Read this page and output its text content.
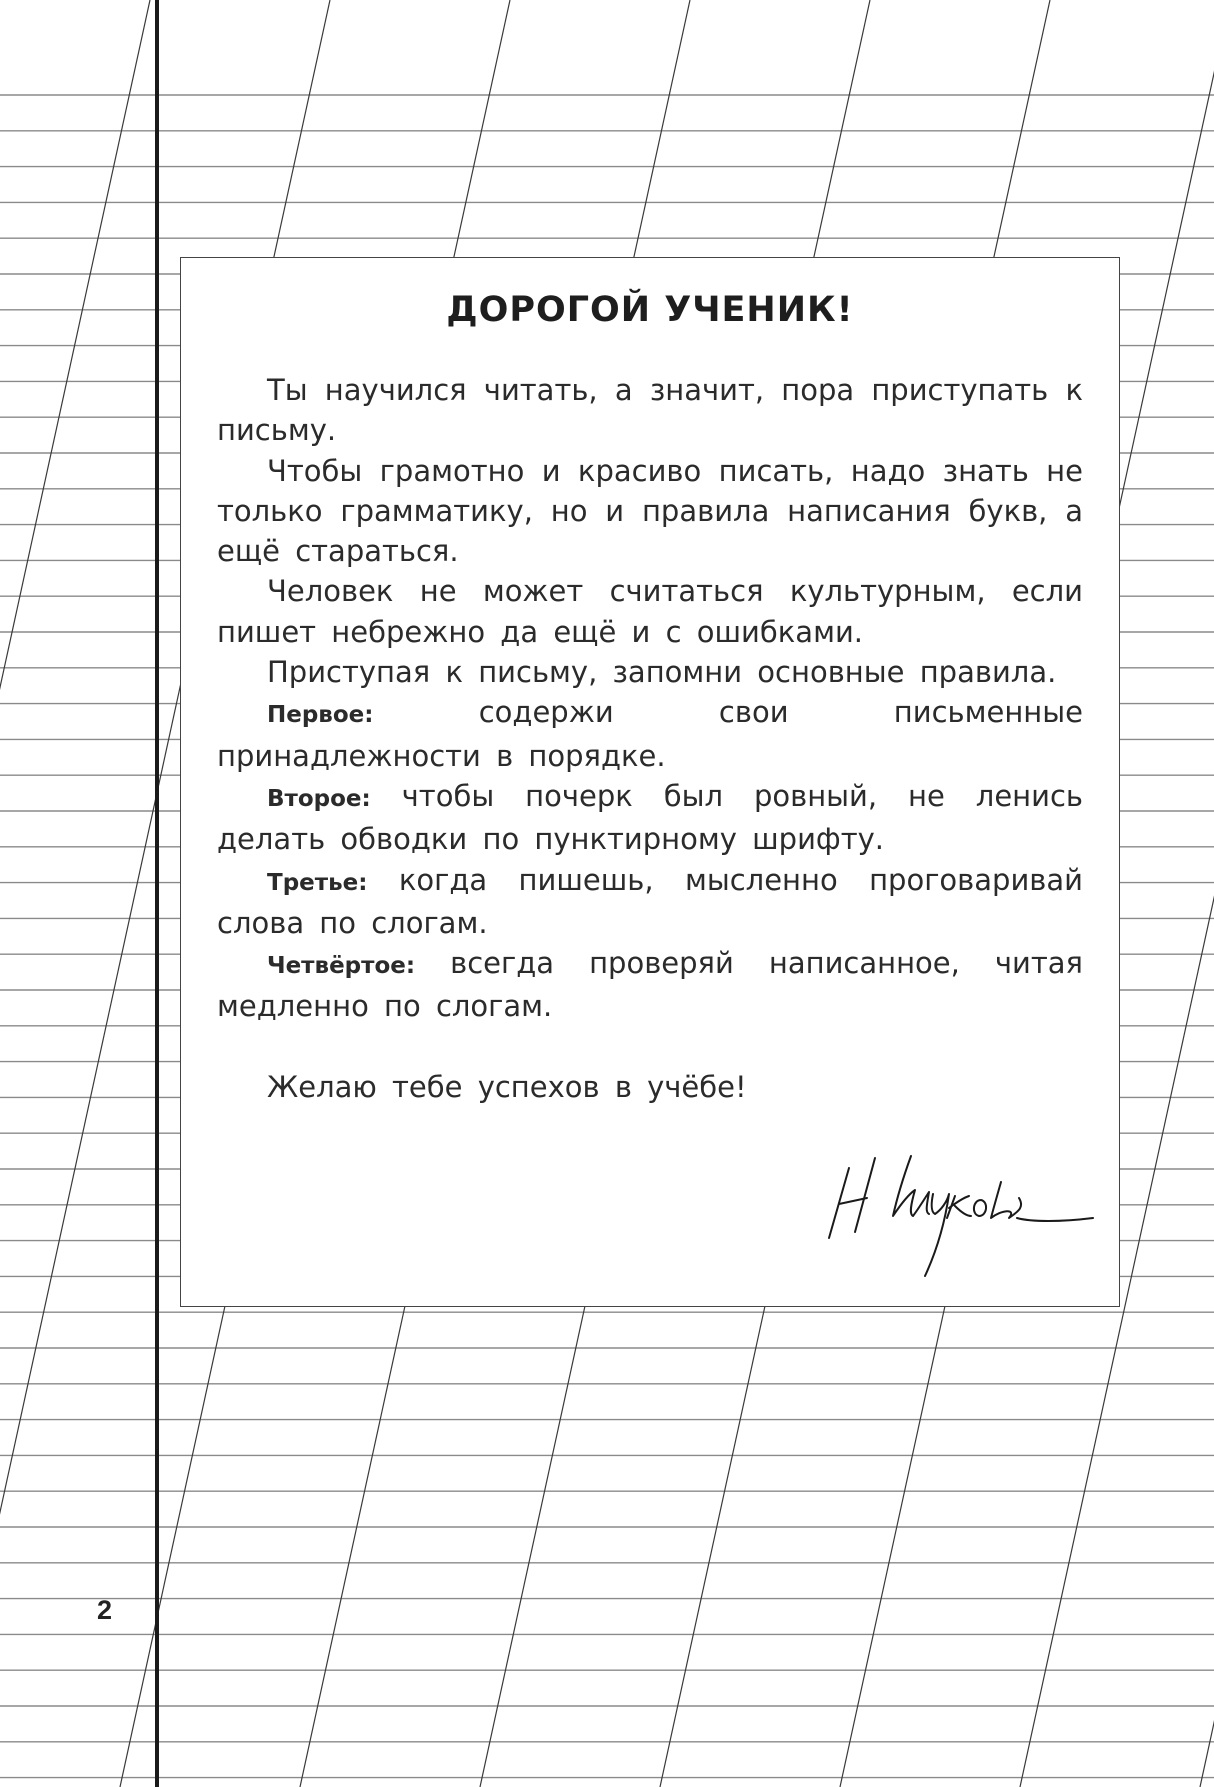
2
ДОРОГОЙ УЧЕНИК!

Ты научился читать, а значит, пора приступать к письму.

Чтобы грамотно и красиво писать, надо знать не только грамматику, но и правила написания букв, а ещё стараться.

Человек не может считаться культурным, если пишет небрежно да ещё и с ошибками.

Приступая к письму, запомни основные правила.

Первое:	содержи свои письменные принадлежности в порядке.

Второе: чтобы почерк был ровный, не ленись делать обводки по пунктирному шрифту.

Третье: когда пишешь, мысленно проговаривай слова по слогам.

Четвёртое: всегда проверяй написанное, читая медленно по слогам.

Желаю тебе успехов в учёбе!
